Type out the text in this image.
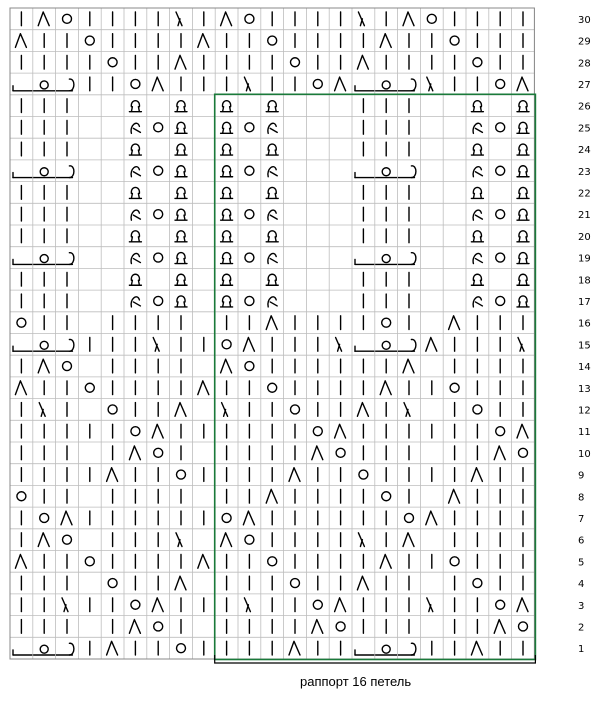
30
29
28
27
26
25
24
23
22
21
20
19
18
17
16
15
14
13
12
11
10
9
8
7
6
5
4
3
2
1
раппорт 16 петель
